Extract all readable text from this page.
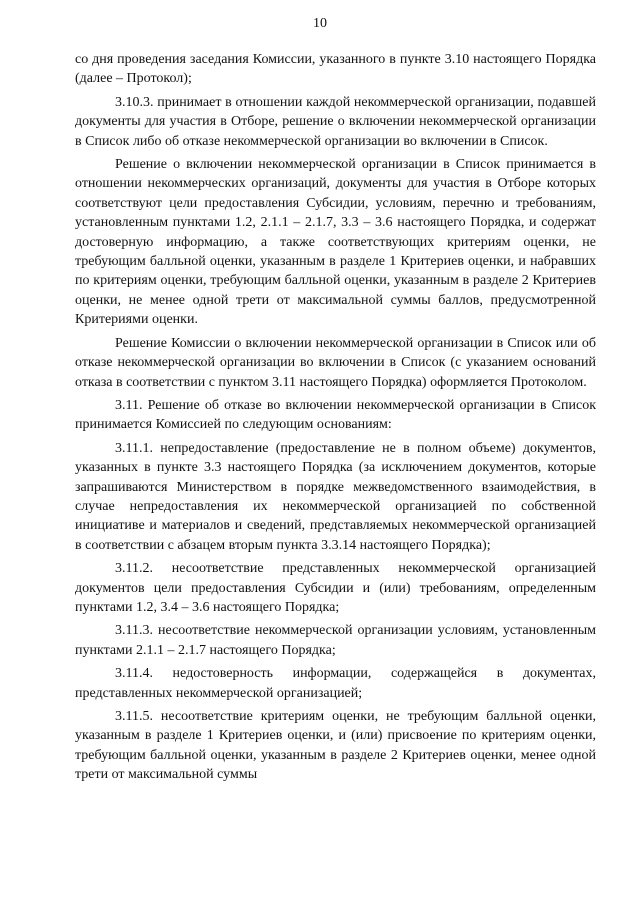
10

со дня проведения заседания Комиссии, указанного в пункте 3.10 настоящего Порядка (далее – Протокол);

3.10.3. принимает в отношении каждой некоммерческой организации, подавшей документы для участия в Отборе, решение о включении некоммерческой организации в Список либо об отказе некоммерческой организации во включении в Список.

Решение о включении некоммерческой организации в Список принимается в отношении некоммерческих организаций, документы для участия в Отборе которых соответствуют цели предоставления Субсидии, условиям, перечню и требованиям, установленным пунктами 1.2, 2.1.1 – 2.1.7, 3.3 – 3.6 настоящего Порядка, и содержат достоверную информацию, а также соответствующих критериям оценки, не требующим балльной оценки, указанным в разделе 1 Критериев оценки, и набравших по критериям оценки, требующим балльной оценки, указанным в разделе 2 Критериев оценки, не менее одной трети от максимальной суммы баллов, предусмотренной Критериями оценки.

Решение Комиссии о включении некоммерческой организации в Список или об отказе некоммерческой организации во включении в Список (с указанием оснований отказа в соответствии с пунктом 3.11 настоящего Порядка) оформляется Протоколом.

3.11. Решение об отказе во включении некоммерческой организации в Список принимается Комиссией по следующим основаниям:

3.11.1. непредоставление (предоставление не в полном объеме) документов, указанных в пункте 3.3 настоящего Порядка (за исключением документов, которые запрашиваются Министерством в порядке межведомственного взаимодействия, в случае непредоставления их некоммерческой организацией по собственной инициативе и материалов и сведений, представляемых некоммерческой организацией в соответствии с абзацем вторым пункта 3.3.14 настоящего Порядка);

3.11.2. несоответствие представленных некоммерческой организацией документов цели предоставления Субсидии и (или) требованиям, определенным пунктами 1.2, 3.4 – 3.6 настоящего Порядка;

3.11.3. несоответствие некоммерческой организации условиям, установленным пунктами 2.1.1 – 2.1.7 настоящего Порядка;

3.11.4. недостоверность информации, содержащейся в документах, представленных некоммерческой организацией;

3.11.5. несоответствие критериям оценки, не требующим балльной оценки, указанным в разделе 1 Критериев оценки, и (или) присвоение по критериям оценки, требующим балльной оценки, указанным в разделе 2 Критериев оценки, менее одной трети от максимальной суммы
